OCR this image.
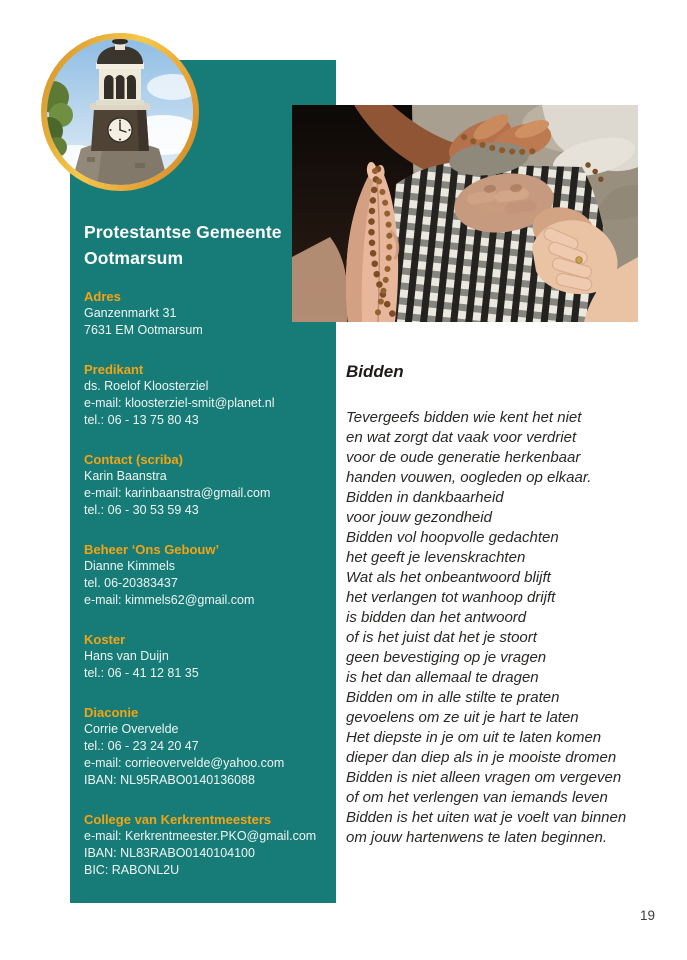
Protestantse Gemeente
Ootmarsum
Adres

Ganzenmarkt 31

7631 EM Ootmarsum

Predikant

ds. Roelof Kloosterziel

e-mail: kloosterziel-smit@planet.nl

tel.: 06 - 13 75 80 43

Contact (scriba)

Karin Baanstra

e-mail: karinbaanstra@gmail.com

tel.: 06 - 30 53 59 43

Beheer ‘Ons Gebouw’

Dianne Kimmels

tel. 06-20383437

e-mail: kimmels62@gmail.com

Koster

Hans van Duijn

tel.: 06 - 41 12 81 35

Diaconie

Corrie Overvelde

tel.: 06 - 23 24 20 47

e-mail: corrieovervelde@yahoo.com

IBAN: NL95RABO0140136088

College van Kerkrentmeesters

e-mail: Kerkrentmeester.PKO@gmail.com

IBAN: NL83RABO0140104100

BIC: RABONL2U

Bidden

Tevergeefs bidden wie kent het niet

en wat zorgt dat vaak voor verdriet

voor de oude generatie herkenbaar

handen vouwen, oogleden op elkaar.

Bidden in dankbaarheid

voor jouw gezondheid

Bidden vol hoopvolle gedachten

het geeft je levenskrachten

Wat als het onbeantwoord blijft

het verlangen tot wanhoop drijft

is bidden dan het antwoord

of is het juist dat het je stoort

geen bevestiging op je vragen

is het dan allemaal te dragen

Bidden om in alle stilte te praten

gevoelens om ze uit je hart te laten

Het diepste in je om uit te laten komen

dieper dan diep als in je mooiste dromen

Bidden is niet alleen vragen om vergeven

of om het verlengen van iemands leven

Bidden is het uiten wat je voelt van binnen

om jouw hartenwens te laten beginnen.

19
